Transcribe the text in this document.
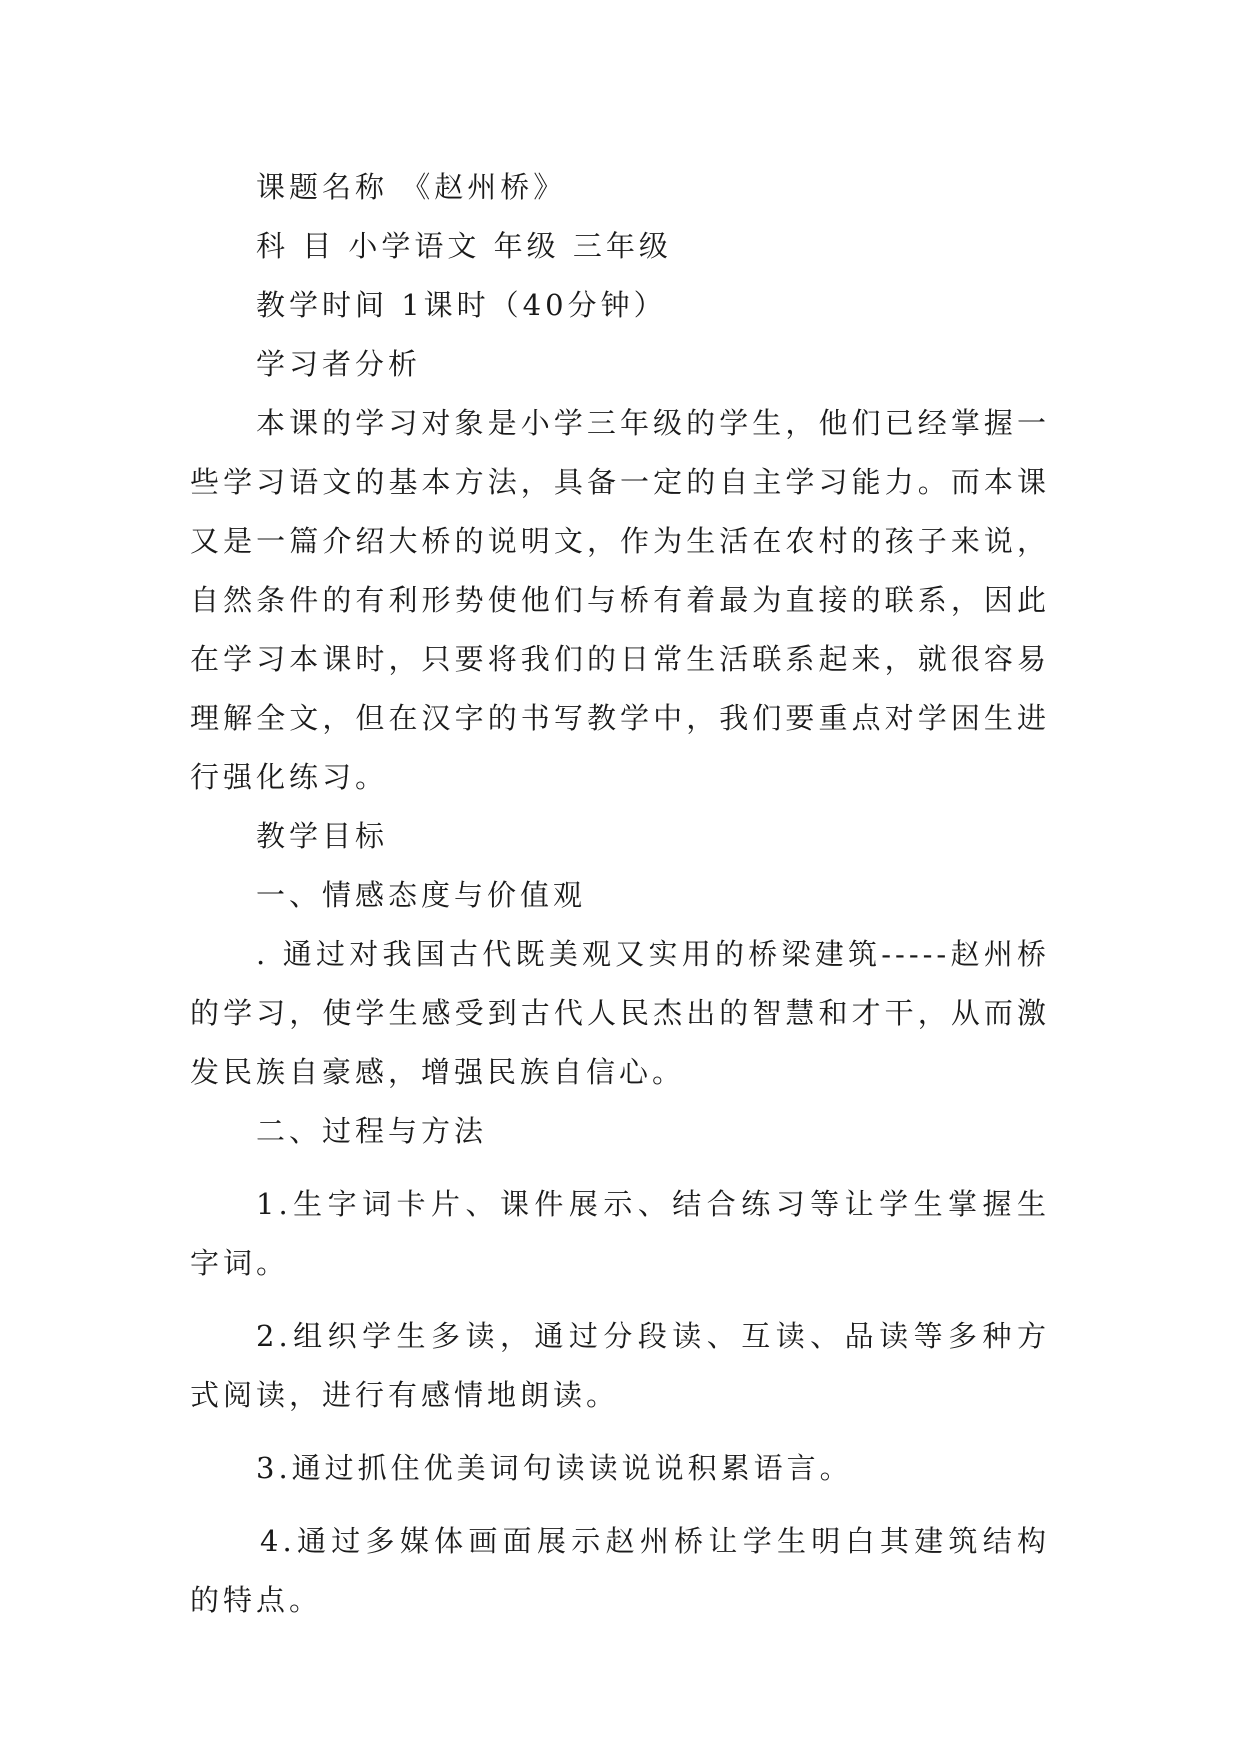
课题名称 《赵州桥》

科 目 小学语文 年级 三年级

教学时间 1课时（40分钟）

学习者分析

本课的学习对象是小学三年级的学生，他们已经掌握一些学习语文的基本方法，具备一定的自主学习能力。而本课又是一篇介绍大桥的说明文，作为生活在农村的孩子来说，自然条件的有利形势使他们与桥有着最为直接的联系，因此在学习本课时，只要将我们的日常生活联系起来，就很容易理解全文，但在汉字的书写教学中，我们要重点对学困生进行强化练习。

教学目标

一、情感态度与价值观

. 通过对我国古代既美观又实用的桥梁建筑-----赵州桥的学习，使学生感受到古代人民杰出的智慧和才干，从而激发民族自豪感，增强民族自信心。

二、过程与方法

1.生字词卡片、课件展示、结合练习等让学生掌握生字词。

2.组织学生多读，通过分段读、互读、品读等多种方式阅读，进行有感情地朗读。

3.通过抓住优美词句读读说说积累语言。

4.通过多媒体画面展示赵州桥让学生明白其建筑结构的特点。
